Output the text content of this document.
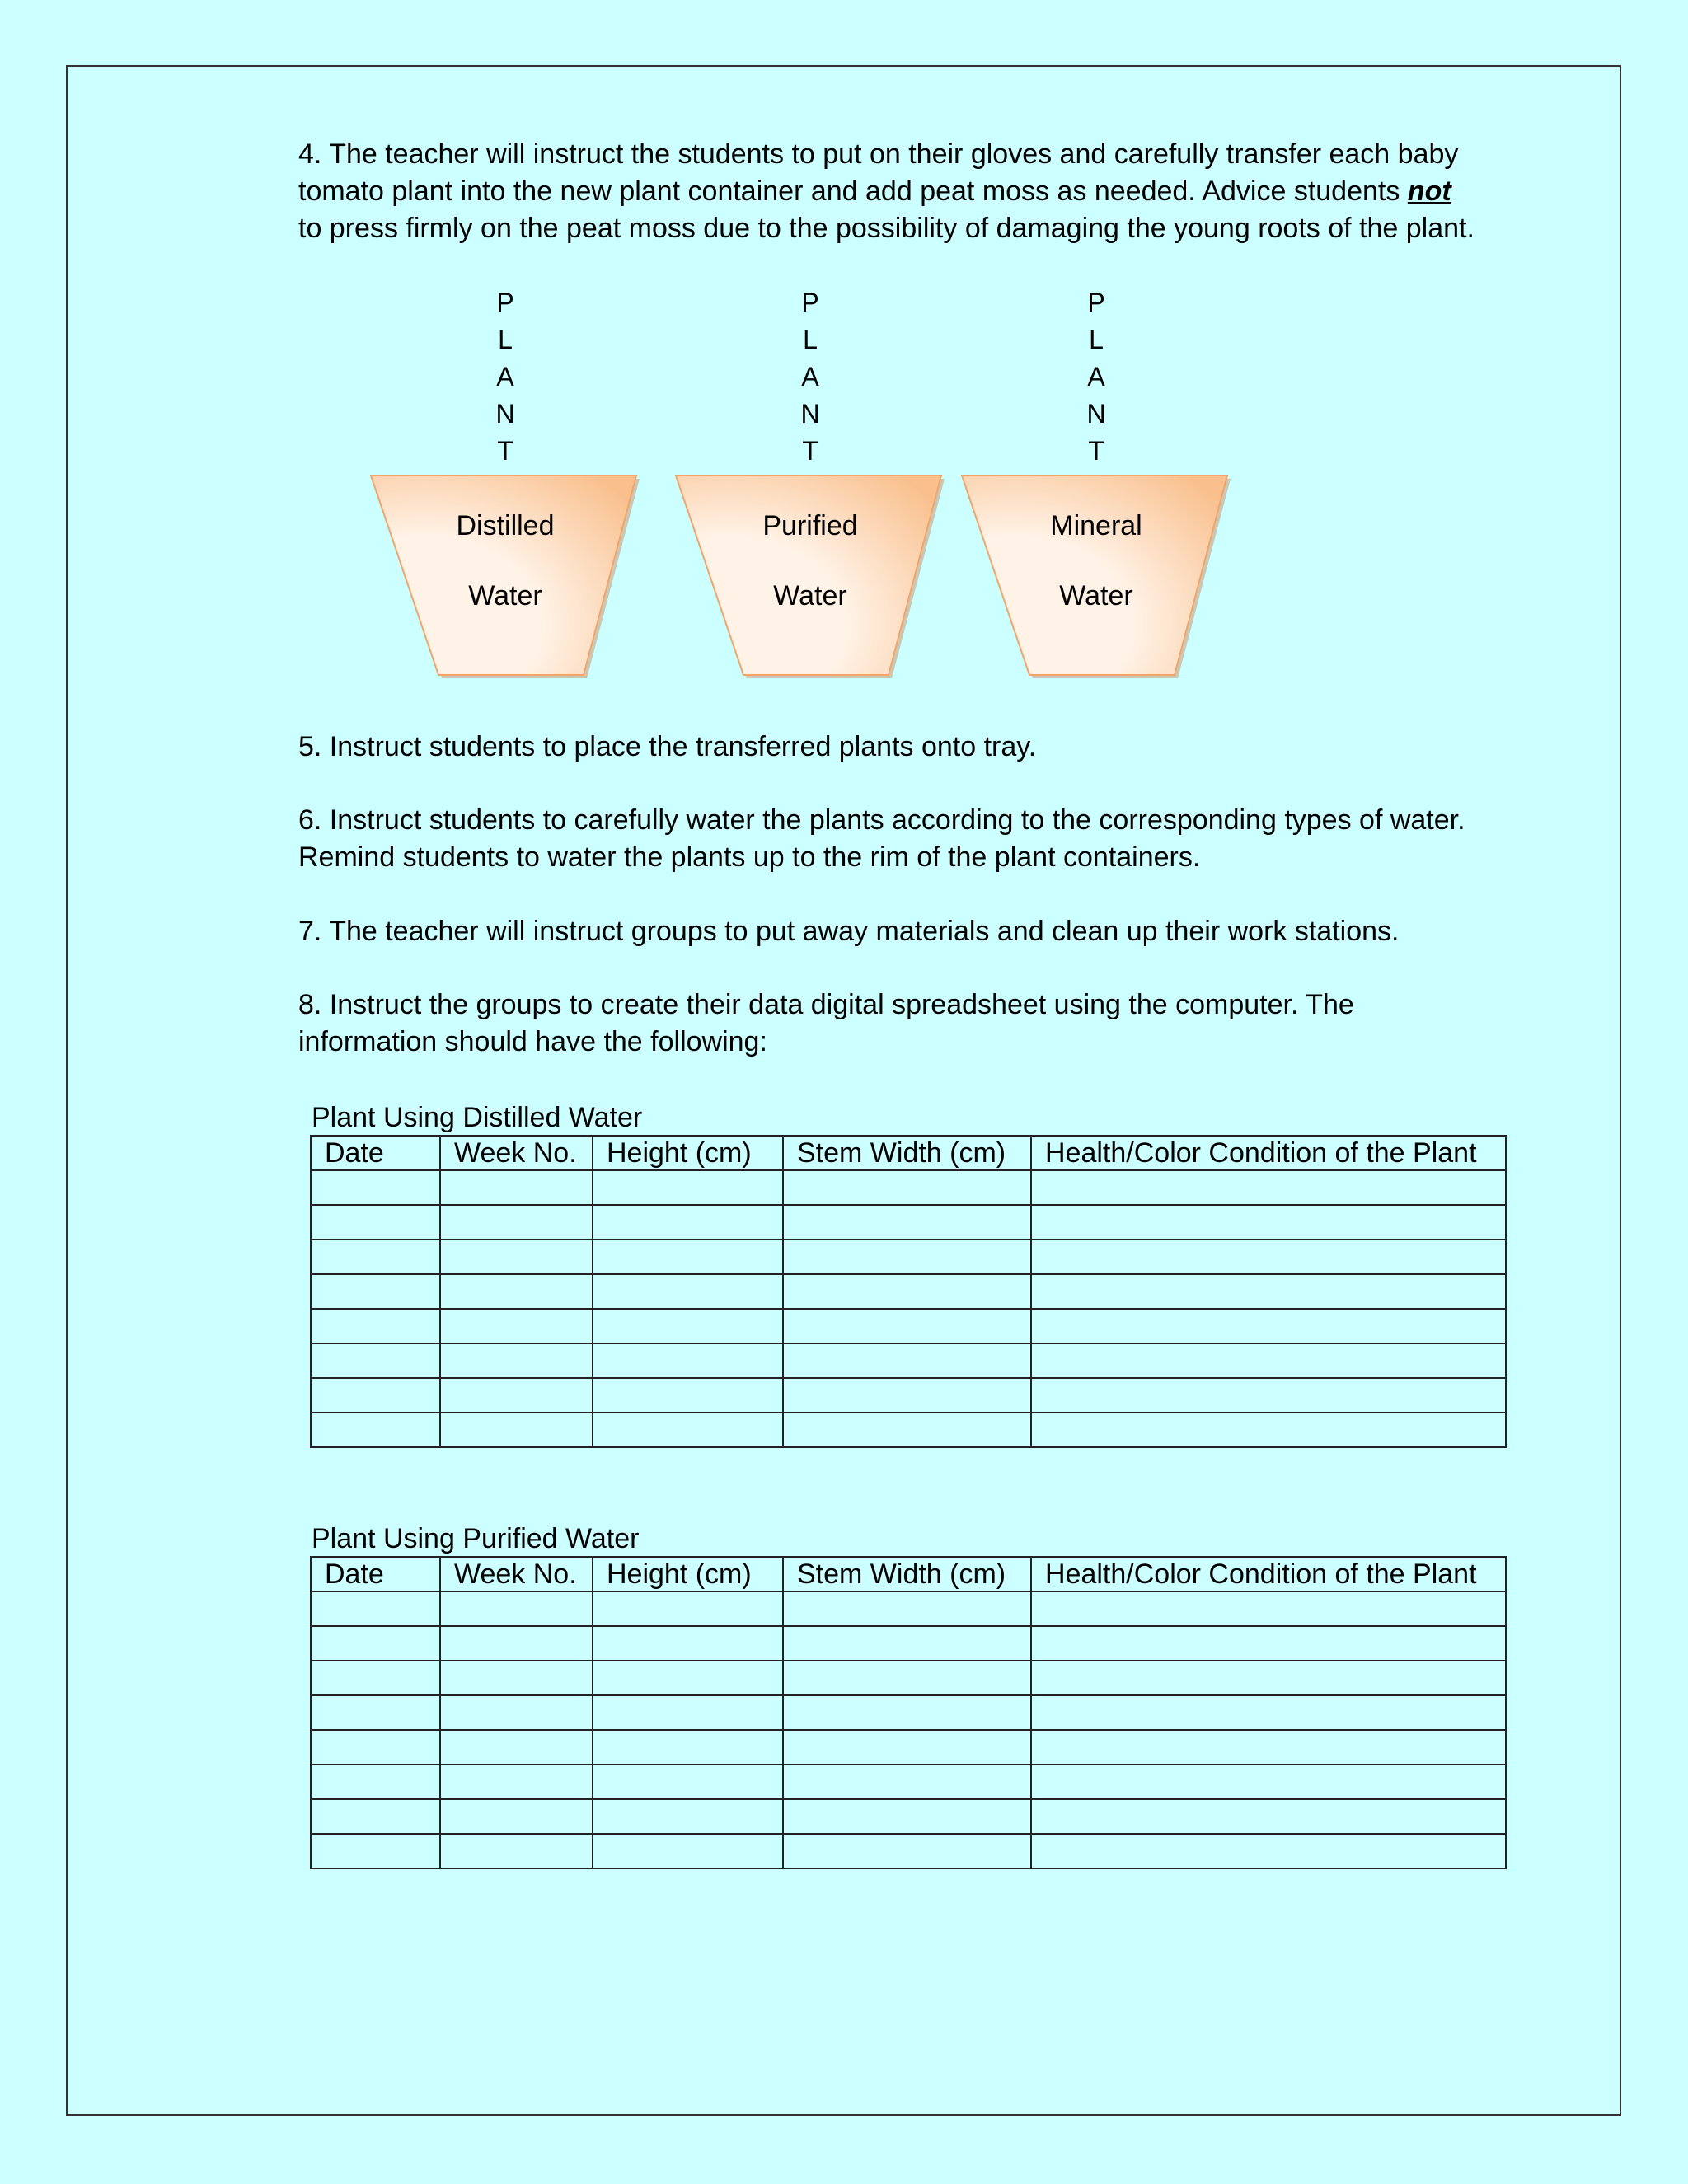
4. The teacher will instruct the students to put on their gloves and carefully transfer each baby
tomato plant into the new plant container and add peat moss as needed. Advice students not
to press firmly on the peat moss due to the possibility of damaging the young roots of the plant.

P
L
A
N
T
Distilled
Water
P
L
A
N
T
Purified
Water
P
L
A
N
T
Mineral
Water

5. Instruct students to place the transferred plants onto tray.

6. Instruct students to carefully water the plants according to the corresponding types of water.
Remind students to water the plants up to the rim of the plant containers.

7. The teacher will instruct groups to put away materials and clean up their work stations.

8. Instruct the groups to create their data digital spreadsheet using the computer. The
information should have the following:

Plant Using Distilled Water
Date	Week No.	Height (cm)	Stem Width (cm)	Health/Color Condition of the Plant

Plant Using Purified Water
Date	Week No.	Height (cm)	Stem Width (cm)	Health/Color Condition of the Plant
